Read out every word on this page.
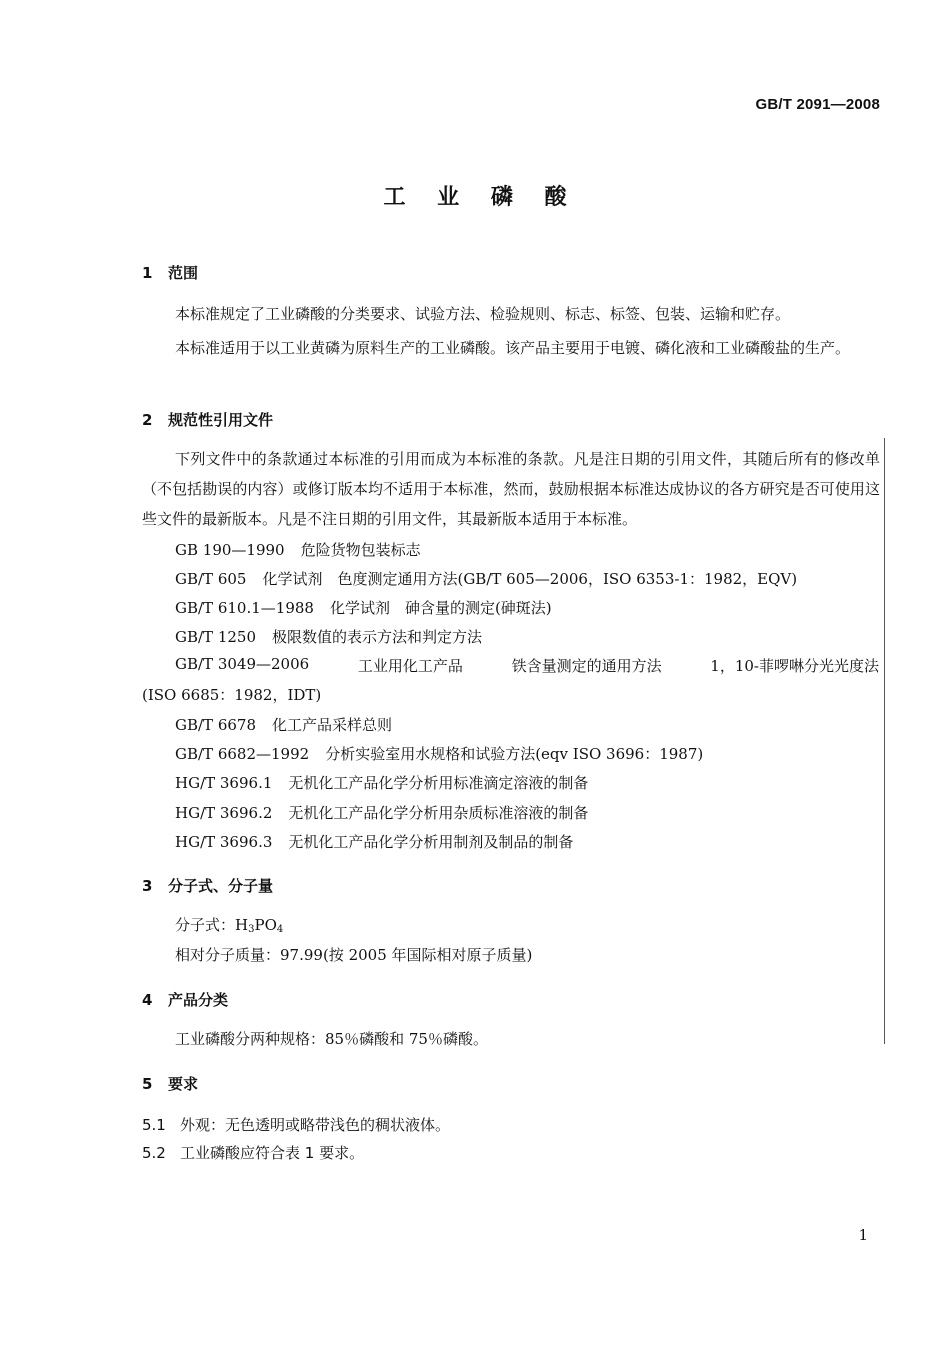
GB/T 2091—2008
工 业 磷 酸
1 范围
本标准规定了工业磷酸的分类要求、试验方法、检验规则、标志、标签、包装、运输和贮存。
本标准适用于以工业黄磷为原料生产的工业磷酸。该产品主要用于电镀、磷化液和工业磷酸盐的生产。
2 规范性引用文件
下列文件中的条款通过本标准的引用而成为本标准的条款。凡是注日期的引用文件，其随后所有的修改单（不包括勘误的内容）或修订版本均不适用于本标准，然而，鼓励根据本标准达成协议的各方研究是否可使用这些文件的最新版本。凡是不注日期的引用文件，其最新版本适用于本标准。
GB 190—1990 危险货物包装标志
GB/T 605 化学试剂　色度测定通用方法(GB/T 605—2006，ISO 6353-1：1982，EQV)
GB/T 610.1—1988 化学试剂　砷含量的测定(砷斑法)
GB/T 1250 极限数值的表示方法和判定方法
GB/T 3049—2006	工业用化工产品	铁含量测定的通用方法	1，10-菲啰啉分光光度法
(ISO 6685：1982，IDT)
GB/T 6678 化工产品采样总则
GB/T 6682—1992 分析实验室用水规格和试验方法(eqv ISO 3696：1987)
HG/T 3696.1 无机化工产品化学分析用标准滴定溶液的制备
HG/T 3696.2 无机化工产品化学分析用杂质标准溶液的制备
HG/T 3696.3 无机化工产品化学分析用制剂及制品的制备
3 分子式、分子量
分子式：$H_3PO_4$
相对分子质量：97.99(按 2005 年国际相对原子质量)
4 产品分类
工业磷酸分两种规格：85％磷酸和 75％磷酸。
5 要求
5.1 外观：无色透明或略带浅色的稠状液体。
5.2 工业磷酸应符合表 1 要求。
1
